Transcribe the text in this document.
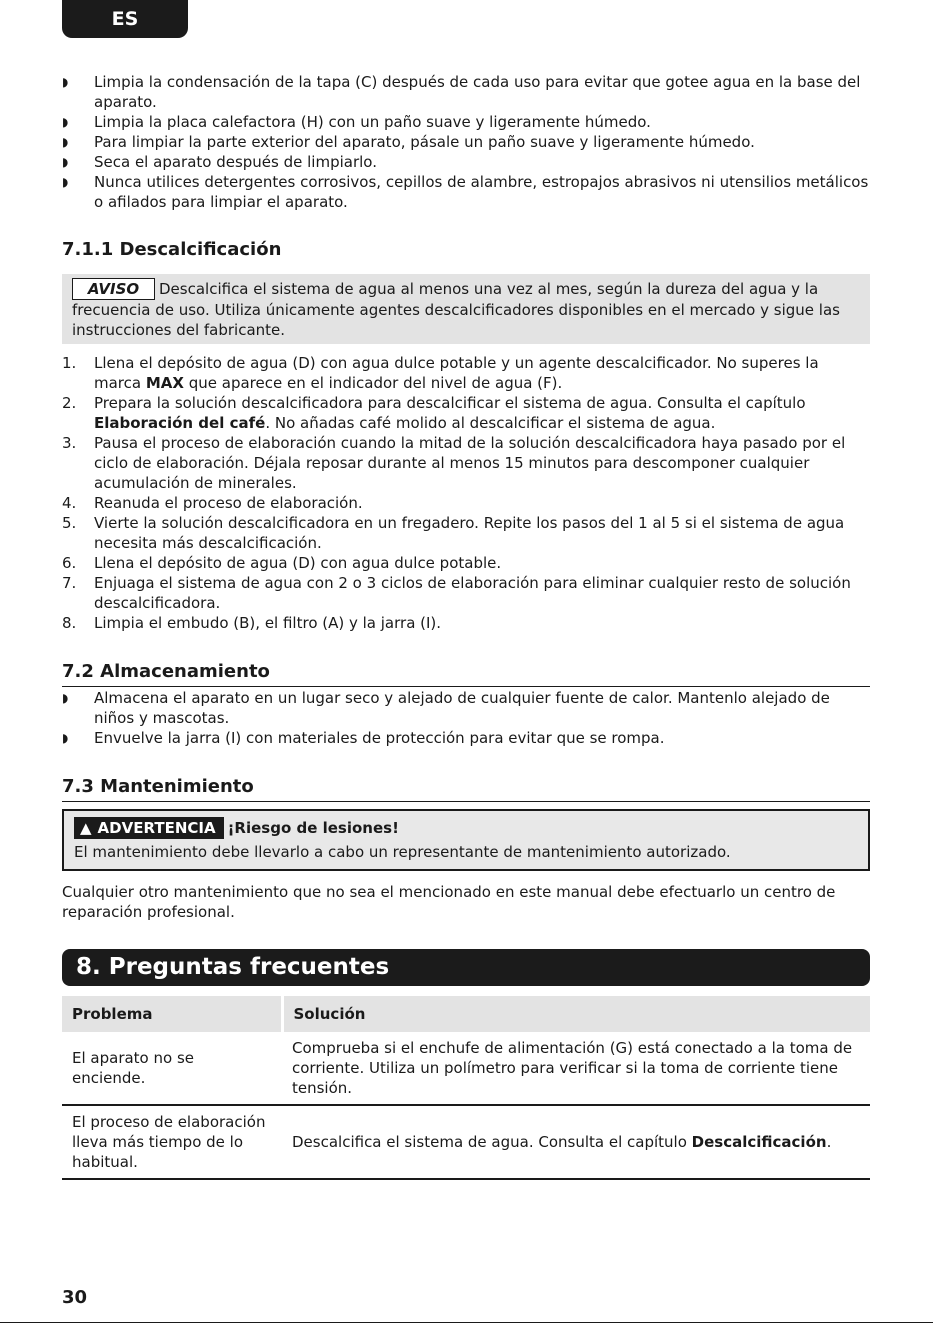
ES
◗ Limpia la condensación de la tapa (C) después de cada uso para evitar que gotee agua en la base del aparato.
◗ Limpia la placa calefactora (H) con un paño suave y ligeramente húmedo.
◗ Para limpiar la parte exterior del aparato, pásale un paño suave y ligeramente húmedo.
◗ Seca el aparato después de limpiarlo.
◗ Nunca utilices detergentes corrosivos, cepillos de alambre, estropajos abrasivos ni utensilios metálicos o afilados para limpiar el aparato.
7.1.1 Descalcificación
AVISO Descalcifica el sistema de agua al menos una vez al mes, según la dureza del agua y la frecuencia de uso. Utiliza únicamente agentes descalcificadores disponibles en el mercado y sigue las instrucciones del fabricante.
1. Llena el depósito de agua (D) con agua dulce potable y un agente descalcificador. No superes la marca MAX que aparece en el indicador del nivel de agua (F).
2. Prepara la solución descalcificadora para descalcificar el sistema de agua. Consulta el capítulo Elaboración del café. No añadas café molido al descalcificar el sistema de agua.
3. Pausa el proceso de elaboración cuando la mitad de la solución descalcificadora haya pasado por el ciclo de elaboración. Déjala reposar durante al menos 15 minutos para descomponer cualquier acumulación de minerales.
4. Reanuda el proceso de elaboración.
5. Vierte la solución descalcificadora en un fregadero. Repite los pasos del 1 al 5 si el sistema de agua necesita más descalcificación.
6. Llena el depósito de agua (D) con agua dulce potable.
7. Enjuaga el sistema de agua con 2 o 3 ciclos de elaboración para eliminar cualquier resto de solución descalcificadora.
8. Limpia el embudo (B), el filtro (A) y la jarra (I).
7.2 Almacenamiento
◗ Almacena el aparato en un lugar seco y alejado de cualquier fuente de calor. Mantenlo alejado de niños y mascotas.
◗ Envuelve la jarra (I) con materiales de protección para evitar que se rompa.
7.3 Mantenimiento
▲ ADVERTENCIA ¡Riesgo de lesiones!
El mantenimiento debe llevarlo a cabo un representante de mantenimiento autorizado.
Cualquier otro mantenimiento que no sea el mencionado en este manual debe efectuarlo un centro de reparación profesional.
8. Preguntas frecuentes
Problema	Solución
El aparato no se enciende.	Comprueba si el enchufe de alimentación (G) está conectado a la toma de corriente. Utiliza un polímetro para verificar si la toma de corriente tiene tensión.
El proceso de elaboración lleva más tiempo de lo habitual.	Descalcifica el sistema de agua. Consulta el capítulo Descalcificación.
30
